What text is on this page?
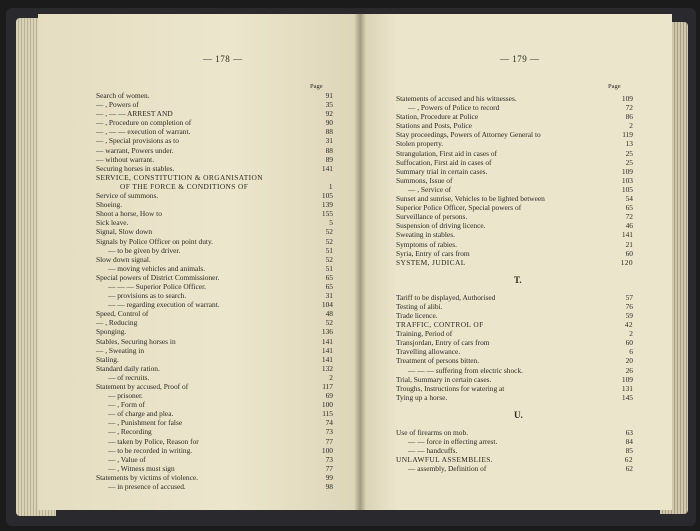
— 178 —
Page
Search of women.	91
— , Powers of	35
— , — — ARREST AND	92
— , Procedure on completion of	90
— , — — execution of warrant.	88
— , Special provisions as to	31
— warrant, Powers under.	88
— without warrant.	89
Securing horses in stables.	141
SERVICE, CONSTITUTION & ORGANISATION
OF THE FORCE & CONDITIONS OF	1
Service of summons.	105
Shoeing.	139
Shoot a horse, How to	155
Sick leave.	5
Signal, Slow down	52
Signals by Police Officer on point duty.	52
— to be given by driver.	51
Slow down signal.	52
— moving vehicles and animals.	51
Special powers of District Commissioner.	65
— — — Superior Police Officer.	65
— provisions as to search.	31
— — regarding execution of warrant.	104
Speed, Control of	48
— , Reducing	52
Sponging.	136
Stables, Securing horses in	141
— , Sweating in	141
Staling.	141
Standard daily ration.	132
— of recruits.	2
Statement by accused, Proof of	117
— prisoner.	69
— , Form of	100
— of charge and plea.	115
— , Punishment for false	74
— , Recording	73
— taken by Police, Reason for	77
— to be recorded in writing.	100
— , Value of	73
— , Witness must sign	77
Statements by victims of violence.	99
— in presence of accused.	98
— 179 —
Page
Statements of accused and his witnesses.	109
— , Powers of Police to record	72
Station, Procedure at Police	86
Stations and Posts, Police	2
Stay proceedings, Powers of Attorney General to	119
Stolen property.	13
Strangulation, First aid in cases of	25
Suffocation, First aid in cases of	25
Summary trial in certain cases.	109
Summons, Issue of	103
— , Service of	105
Sunset and sunrise, Vehicles to be lighted between	54
Superior Police Officer, Special powers of	65
Surveillance of persons.	72
Suspension of driving licence.	46
Sweating in stables.	141
Symptoms of rabies.	21
Syria, Entry of cars from	60
SYSTEM, JUDICAL	120
T.
Tariff to be displayed, Authorised	57
Testing of alibi.	76
Trade licence.	59
TRAFFIC, CONTROL OF	42
Training, Period of	2
Transjordan, Entry of cars from	60
Travelling allowance.	6
Treatment of persons bitten.	20
— — — suffering from electric shock.	26
Trial, Summary in certain cases.	109
Troughs, Instructions for watering at	131
Tying up a horse.	145
U.
Use of firearms on mob.	63
— — force in effecting arrest.	84
— — handcuffs.	85
UNLAWFUL ASSEMBLIES.	62
— assembly, Definition of	62
